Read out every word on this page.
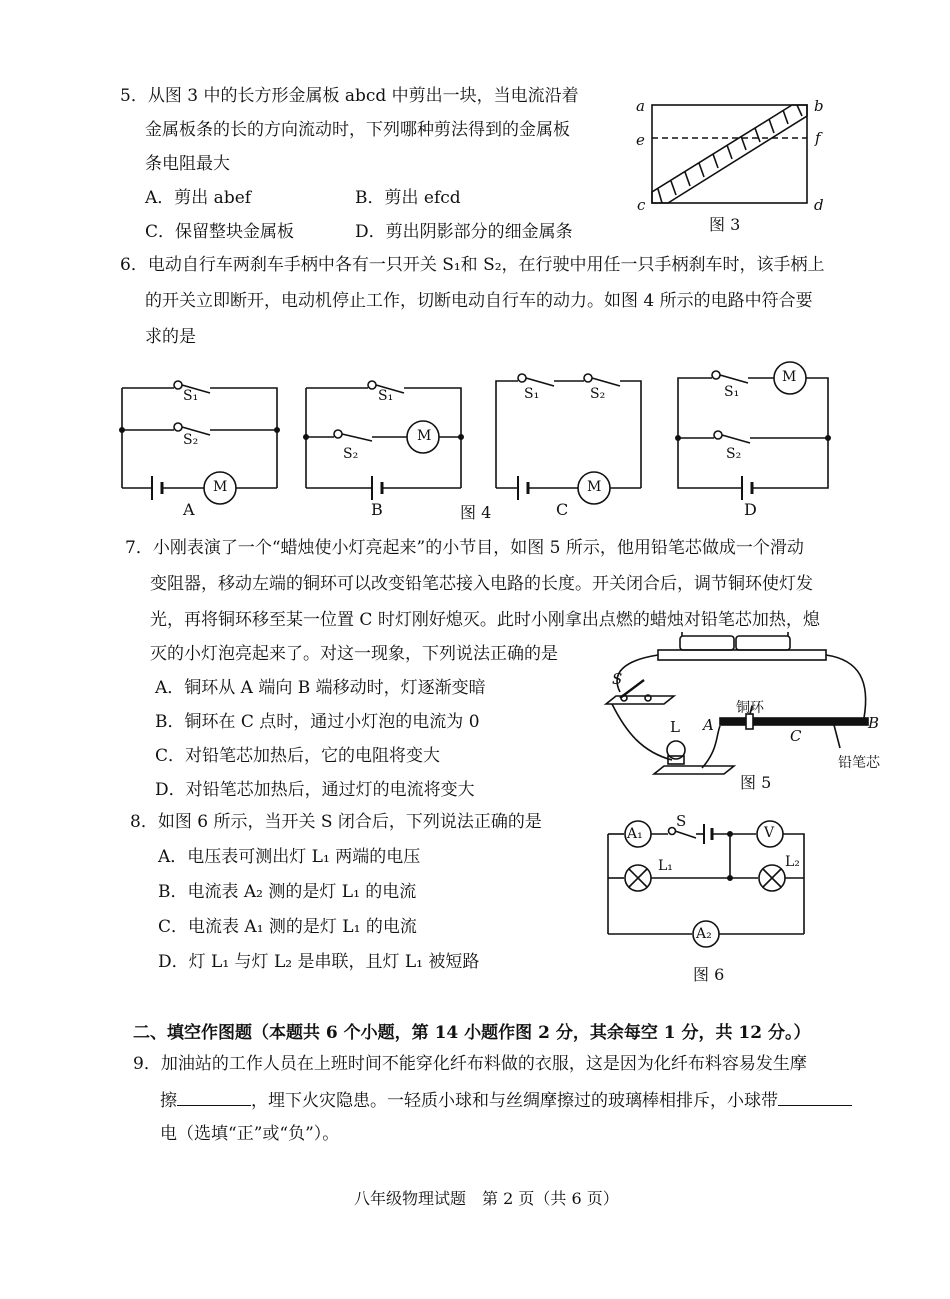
5．从图 3 中的长方形金属板 abcd 中剪出一块，当电流沿着
金属板条的长的方向流动时，下列哪种剪法得到的金属板
条电阻最大
A．剪出 abef	B．剪出 efcd
C．保留整块金属板	D．剪出阴影部分的细金属条
a	b
e	f
c	d
图 3
6．电动自行车两刹车手柄中各有一只开关 S₁和 S₂，在行驶中用任一只手柄刹车时，该手柄上
的开关立即断开，电动机停止工作，切断电动自行车的动力。如图 4 所示的电路中符合要
求的是
S₁
S₂
M
A
S₁
S₂
M
B	图 4
S₁	S₂
M
C
S₁
S₂
M
D
7．小刚表演了一个“蜡烛使小灯亮起来”的小节目，如图 5 所示，他用铅笔芯做成一个滑动
变阻器，移动左端的铜环可以改变铅笔芯接入电路的长度。开关闭合后，调节铜环使灯发
光，再将铜环移至某一位置 C 时灯刚好熄灭。此时小刚拿出点燃的蜡烛对铅笔芯加热，熄
灭的小灯泡亮起来了。对这一现象，下列说法正确的是
A．铜环从 A 端向 B 端移动时，灯逐渐变暗
B．铜环在 C 点时，通过小灯泡的电流为 0
C．对铅笔芯加热后，它的电阻将变大
D．对铅笔芯加热后，通过灯的电流将变大
S
L A	B
C
铜环
铅笔芯
图 5
8．如图 6 所示，当开关 S 闭合后，下列说法正确的是
A．电压表可测出灯 L₁ 两端的电压
B．电流表 A₂ 测的是灯 L₁ 的电流
C．电流表 A₁ 测的是灯 L₁ 的电流
D．灯 L₁ 与灯 L₂ 是串联，且灯 L₁ 被短路
A₁
S
V
L₁	L₂
A₂
图 6
二、填空作图题（本题共 6 个小题，第 14 小题作图 2 分，其余每空 1 分，共 12 分。）
9．加油站的工作人员在上班时间不能穿化纤布料做的衣服，这是因为化纤布料容易发生摩
擦	，埋下火灾隐患。一轻质小球和与丝绸摩擦过的玻璃棒相排斥，小球带
电（选填“正”或“负”）。
八年级物理试题　第 2 页（共 6 页）
